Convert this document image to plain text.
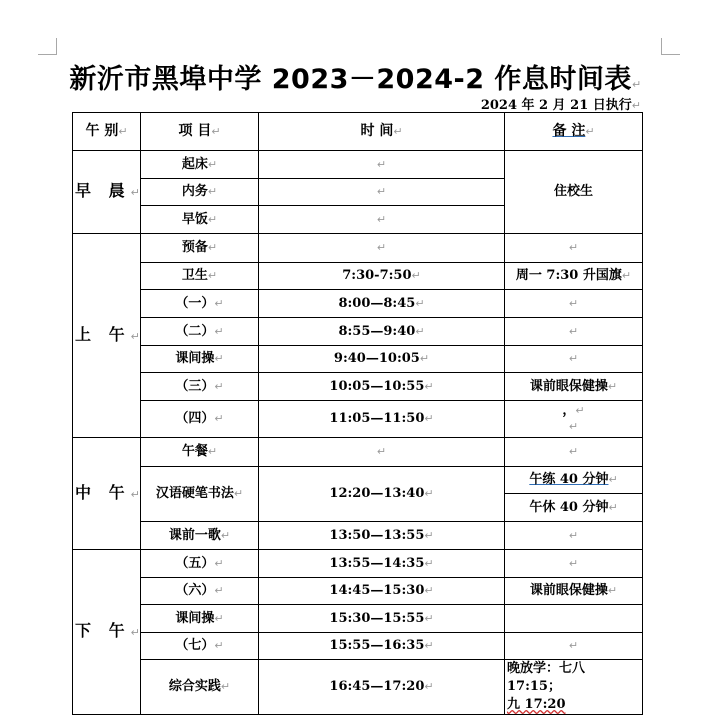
新沂市黑埠中学 2023－2024-2 作息时间表↵
2024 年 2 月 21 日执行↵
午 别↵	项 目↵	时 间↵	备 注↵
早 晨↵	起床↵	↵	住校生
	内务↵	↵	
	早饭↵	↵	
上 午↵	预备↵	↵	↵
	卫生↵	7:30-7:50↵	周一 7:30 升国旗↵
	（一）↵	8:00—8:45↵	↵
	（二）↵	8:55—9:40↵	↵
	课间操↵	9:40—10:05↵	↵
	（三）↵	10:05—10:55↵	课前眼保健操↵
	（四）↵	11:05—11:50↵	，↵
↵
中 午↵	午餐↵	↵	↵
	汉语硬笔书法↵	12:20—13:40↵	午练 40 分钟↵
			午休 40 分钟↵
	课前一歌↵	13:50—13:55↵	↵
下 午↵	（五）↵	13:55—14:35↵	↵
	（六）↵	14:45—15:30↵	课前眼保健操↵
	课间操↵	15:30—15:55↵	
	（七）↵	15:55—16:35↵	↵
	综合实践↵	16:45—17:20↵	晚放学：七八 17:15；
九 17:20
